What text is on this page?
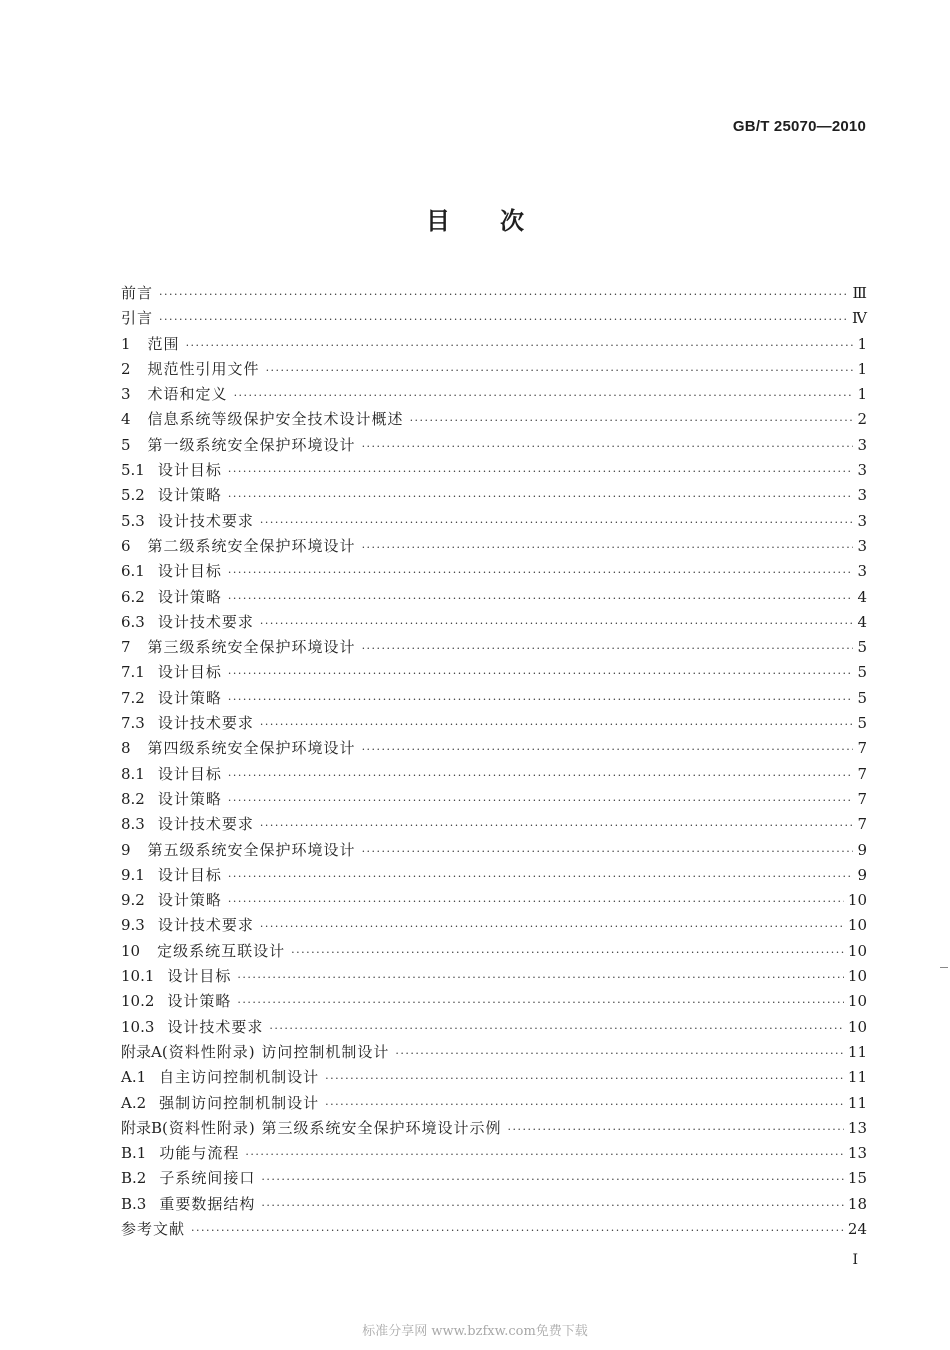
GB/T 25070—2010
目次
前言 ·····	Ⅲ
引言 ·····	Ⅳ
1 范围 ·····	1
2 规范性引用文件 ·····	1
3 术语和定义 ·····	1
4 信息系统等级保护安全技术设计概述 ·····	2
5 第一级系统安全保护环境设计 ·····	3
5.1 设计目标 ·····	3
5.2 设计策略 ·····	3
5.3 设计技术要求 ·····	3
6 第二级系统安全保护环境设计 ·····	3
6.1 设计目标 ·····	3
6.2 设计策略 ·····	4
6.3 设计技术要求 ·····	4
7 第三级系统安全保护环境设计 ·····	5
7.1 设计目标 ·····	5
7.2 设计策略 ·····	5
7.3 设计技术要求 ·····	5
8 第四级系统安全保护环境设计 ·····	7
8.1 设计目标 ·····	7
8.2 设计策略 ·····	7
8.3 设计技术要求 ·····	7
9 第五级系统安全保护环境设计 ·····	9
9.1 设计目标 ·····	9
9.2 设计策略 ·····	10
9.3 设计技术要求 ·····	10
10 定级系统互联设计 ·····	10
10.1 设计目标 ·····	10
10.2 设计策略 ·····	10
10.3 设计技术要求 ·····	10
附录A (资料性附录) 访问控制机制设计 ·····	11
A.1 自主访问控制机制设计 ·····	11
A.2 强制访问控制机制设计 ·····	11
附录B (资料性附录) 第三级系统安全保护环境设计示例 ·····	13
B.1 功能与流程 ·····	13
B.2 子系统间接口 ·····	15
B.3 重要数据结构 ·····	18
参考文献 ·····	24
I
标准分享网 www.bzfxw.com免费下载
